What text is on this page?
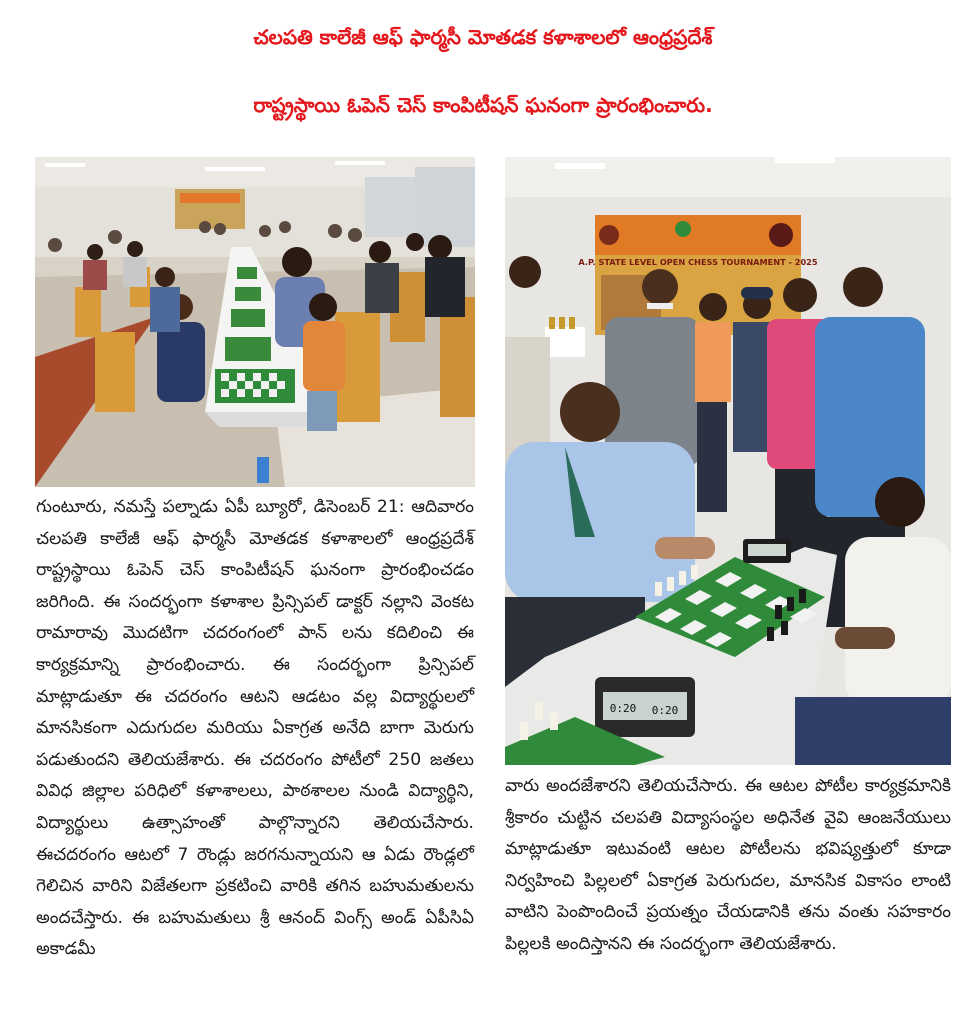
చలపతి కాలేజీ ఆఫ్ ఫార్మసీ మోతడక కళాశాలలో ఆంధ్రప్రదేశ్
రాష్ట్రస్థాయి ఓపెన్ చెస్ కాంపిటీషన్ ఘనంగా ప్రారంభించారు.
A.P. STATE LEVEL OPEN CHESS TOURNAMENT - 2025
0:20 0:20

గుంటూరు, నమస్తే పల్నాడు ఏపీ బ్యూరో, డిసెంబర్ 21: ఆదివారం చలపతి కాలేజీ ఆఫ్ ఫార్మసీ మోతడక కళాశాలలో ఆంధ్రప్రదేశ్ రాష్ట్రస్థాయి ఓపెన్ చెస్ కాంపిటీషన్ ఘనంగా ప్రారంభించడం జరిగింది. ఈ సందర్భంగా కళాశాల ప్రిన్సిపల్ డాక్టర్ నల్లాని వెంకట రామారావు మొదటిగా చదరంగంలో పాన్ లను కదిలించి ఈ కార్యక్రమాన్ని ప్రారంభించారు. ఈ సందర్భంగా ప్రిన్సిపల్ మాట్లాడుతూ ఈ చదరంగం ఆటని ఆడటం వల్ల విద్యార్థులలో మానసికంగా ఎదుగుదల మరియు ఏకాగ్రత అనేది బాగా మెరుగు పడుతుందని తెలియజేశారు. ఈ చదరంగం పోటీలో 250 జతలు వివిధ జిల్లాల పరిధిలో కళాశాలలు, పాఠశాలల నుండి విద్యార్థిని, విద్యార్థులు ఉత్సాహంతో పాల్గొన్నారని తెలియచేసారు. ఈచదరంగం ఆటలో 7 రౌండ్లు జరగనున్నాయని ఆ ఏడు రౌండ్లలో గెలిచిన వారిని విజేతలగా ప్రకటించి వారికి తగిన బహుమతులను అందచేస్తారు. ఈ బహుమతులు శ్రీ ఆనంద్ వింగ్స్ అండ్ ఏపీసిఏ అకాడమీ

వారు అందజేశారని తెలియచేసారు. ఈ ఆటల పోటీల కార్యక్రమానికి శ్రీకారం చుట్టిన చలపతి విద్యాసంస్థల అధినేత వైవి ఆంజనేయులు మాట్లాడుతూ ఇటువంటి ఆటల పోటీలను భవిష్యత్తులో కూడా నిర్వహించి పిల్లలలో ఏకాగ్రత పెరుగుదల, మానసిక వికాసం లాంటి వాటిని పెంపొందించే ప్రయత్నం చేయడానికి తను వంతు సహకారం పిల్లలకి అందిస్తానని ఈ సందర్భంగా తెలియజేశారు.
